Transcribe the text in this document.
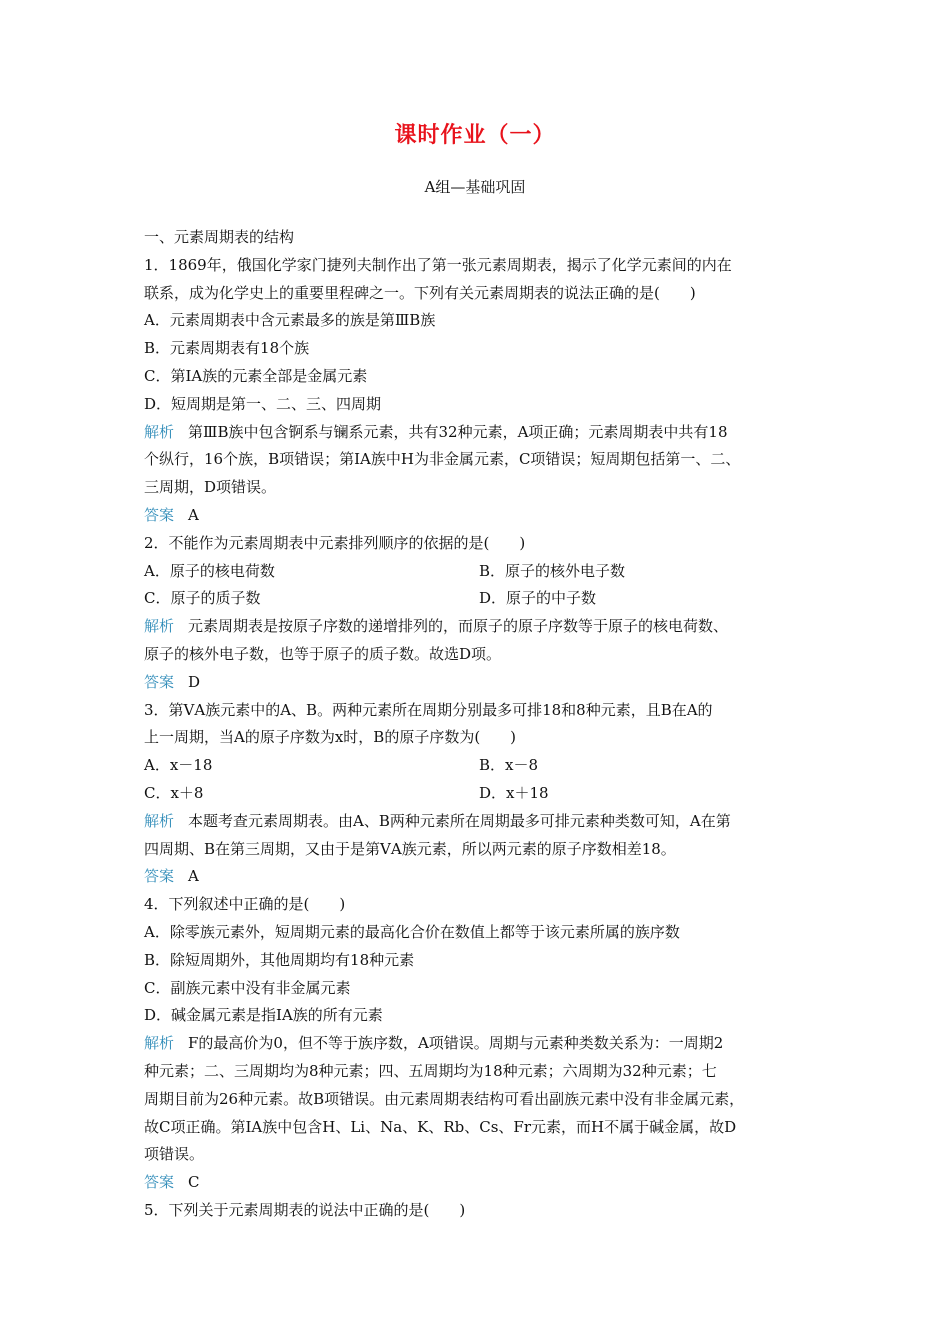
课时作业（一）
A组—基础巩固
一、元素周期表的结构
1．1869年，俄国化学家门捷列夫制作出了第一张元素周期表，揭示了化学元素间的内在
联系，成为化学史上的重要里程碑之一。下列有关元素周期表的说法正确的是(　　)
A．元素周期表中含元素最多的族是第ⅢB族
B．元素周期表有18个族
C．第ⅠA族的元素全部是金属元素
D．短周期是第一、二、三、四周期
解析 第ⅢB族中包含锕系与镧系元素，共有32种元素，A项正确；元素周期表中共有18
个纵行，16个族，B项错误；第ⅠA族中H为非金属元素，C项错误；短周期包括第一、二、
三周期，D项错误。
答案 A
2．不能作为元素周期表中元素排列顺序的依据的是(　　)
A．原子的核电荷数	B．原子的核外电子数
C．原子的质子数	D．原子的中子数
解析 元素周期表是按原子序数的递增排列的，而原子的原子序数等于原子的核电荷数、
原子的核外电子数，也等于原子的质子数。故选D项。
答案 D
3．第ⅤA族元素中的A、B。两种元素所在周期分别最多可排18和8种元素，且B在A的
上一周期，当A的原子序数为x时，B的原子序数为(　　)
A．x－18	B．x－8
C．x＋8	D．x＋18
解析 本题考查元素周期表。由A、B两种元素所在周期最多可排元素种类数可知，A在第
四周期、B在第三周期，又由于是第ⅤA族元素，所以两元素的原子序数相差18。
答案 A
4．下列叙述中正确的是(　　)
A．除零族元素外，短周期元素的最高化合价在数值上都等于该元素所属的族序数
B．除短周期外，其他周期均有18种元素
C．副族元素中没有非金属元素
D．碱金属元素是指ⅠA族的所有元素
解析 F的最高价为0，但不等于族序数，A项错误。周期与元素种类数关系为：一周期2
种元素；二、三周期均为8种元素；四、五周期均为18种元素；六周期为32种元素；七
周期目前为26种元素。故B项错误。由元素周期表结构可看出副族元素中没有非金属元素，
故C项正确。第ⅠA族中包含H、Li、Na、K、Rb、Cs、Fr元素，而H不属于碱金属，故D
项错误。
答案 C
5．下列关于元素周期表的说法中正确的是(　　)
